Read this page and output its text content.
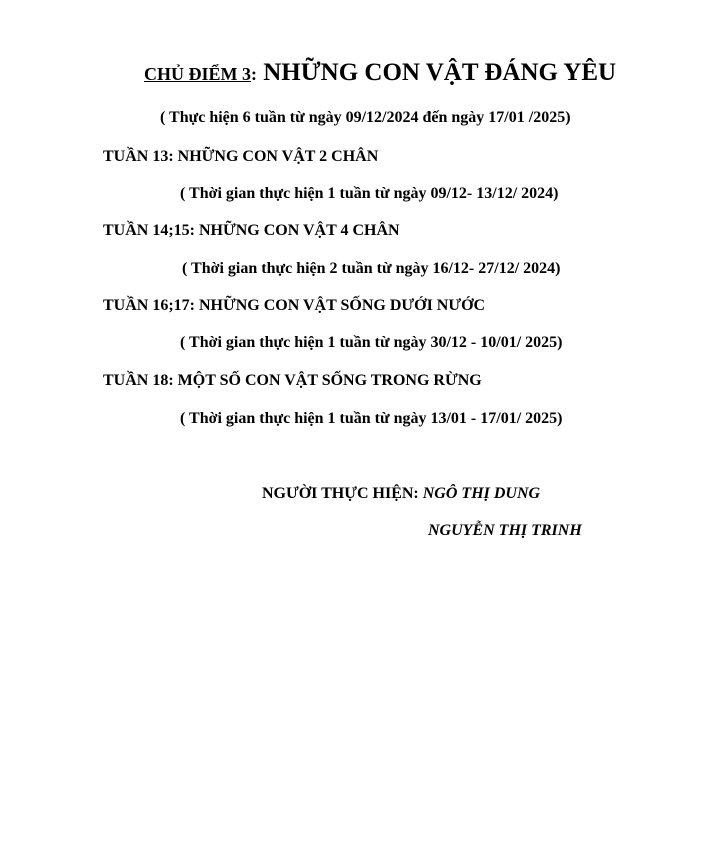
CHỦ ĐIỂM 3: NHỮNG CON VẬT ĐÁNG YÊU
( Thực hiện 6 tuần từ ngày 09/12/2024 đến ngày 17/01 /2025)
TUẦN 13: NHỮNG CON VẬT 2 CHÂN
( Thời gian thực hiện 1 tuần từ ngày 09/12- 13/12/ 2024)
TUẦN 14;15: NHỮNG CON VẬT 4 CHÂN
( Thời gian thực hiện 2 tuần từ ngày 16/12- 27/12/ 2024)
TUẦN 16;17: NHỮNG CON VẬT SỐNG DƯỚI NƯỚC
( Thời gian thực hiện 1 tuần từ ngày 30/12 - 10/01/ 2025)
TUẦN 18: MỘT SỐ CON VẬT SỐNG TRONG RỪNG
( Thời gian thực hiện 1 tuần từ ngày 13/01 - 17/01/ 2025)
NGƯỜI THỰC HIỆN: NGÔ THỊ DUNG
NGUYỄN THỊ TRINH
